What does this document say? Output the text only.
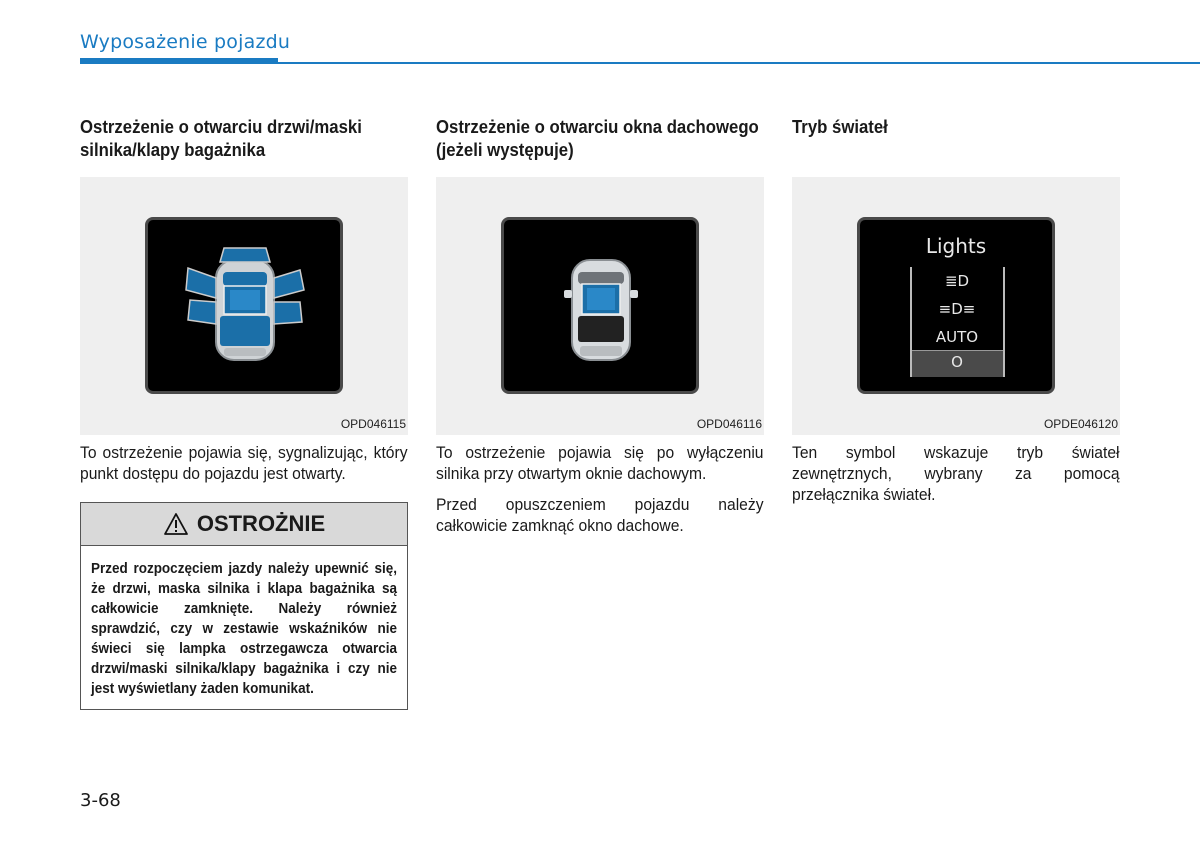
Wyposażenie pojazdu
Ostrzeżenie o otwarciu drzwi/maski silnika/klapy bagażnika
OPD046115

To ostrzeżenie pojawia się, sygnalizując, który punkt dostępu do pojazdu jest otwarty.

OSTROŻNIE
Przed rozpoczęciem jazdy należy upewnić się, że drzwi, maska silnika i klapa bagażnika są całkowicie zamknięte. Należy również sprawdzić, czy w zestawie wskaźników nie świeci się lampka ostrzegawcza otwarcia drzwi/maski silnika/klapy bagażnika i czy nie jest wyświetlany żaden komunikat.
Ostrzeżenie o otwarciu okna dachowego (jeżeli występuje)
OPD046116

To ostrzeżenie pojawia się po wyłączeniu silnika przy otwartym oknie dachowym.

Przed opuszczeniem pojazdu należy całkowicie zamknąć okno dachowe.

Tryb świateł
Lights
≣D
≡D≡
AUTO
O
OPDE046120

Ten symbol wskazuje tryb świateł zewnętrznych, wybrany za pomocą przełącznika świateł.

3-68
